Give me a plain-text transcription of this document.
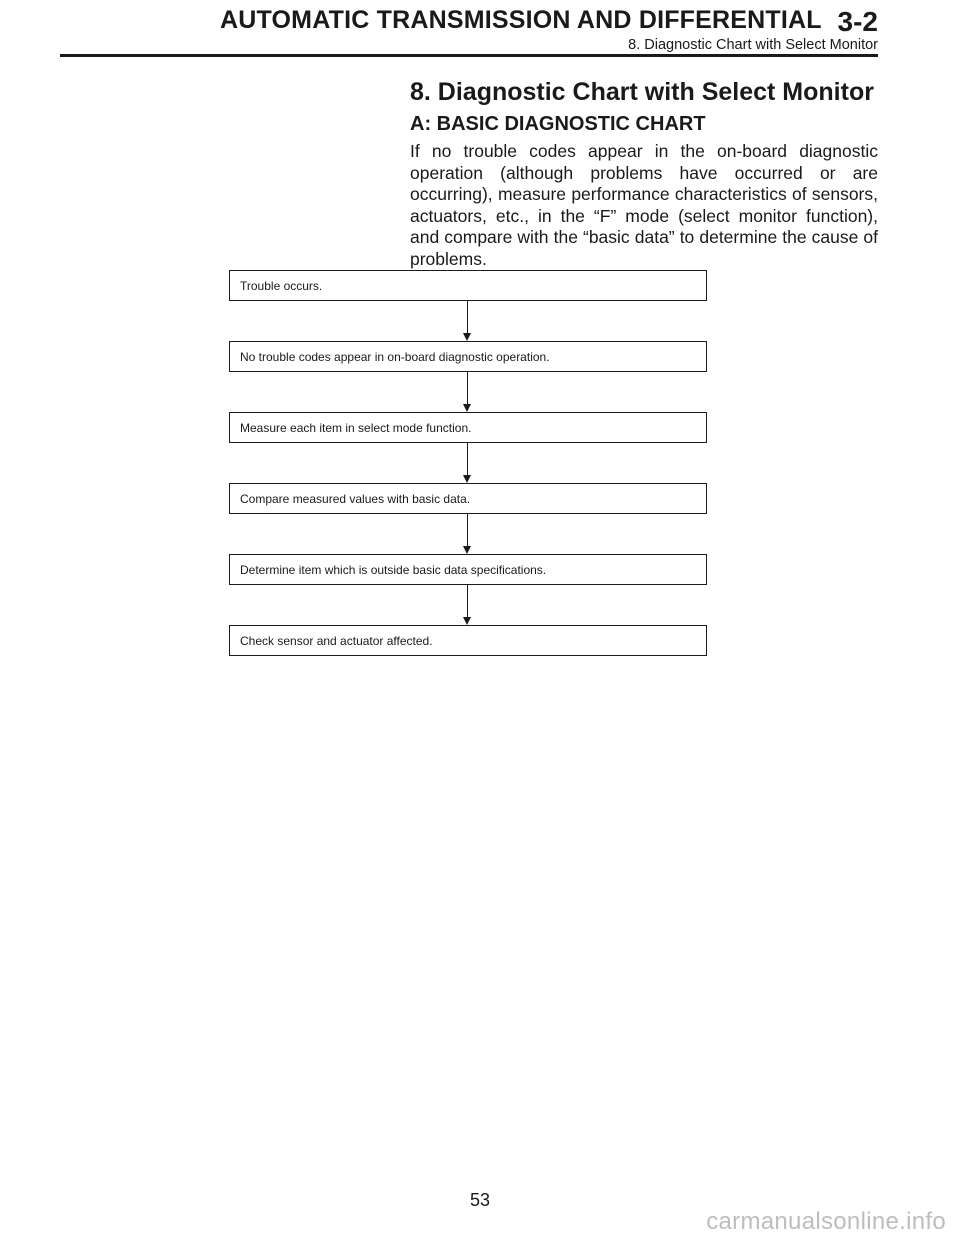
AUTOMATIC TRANSMISSION AND DIFFERENTIAL 3-2
8. Diagnostic Chart with Select Monitor
8. Diagnostic Chart with Select Monitor
A: BASIC DIAGNOSTIC CHART
If no trouble codes appear in the on-board diagnostic operation (although problems have occurred or are occurring), measure performance characteristics of sensors, actuators, etc., in the “F” mode (select monitor function), and compare with the “basic data” to determine the cause of problems.
Trouble occurs.
No trouble codes appear in on-board diagnostic operation.
Measure each item in select mode function.
Compare measured values with basic data.
Determine item which is outside basic data specifications.
Check sensor and actuator affected.
53
carmanualsonline.info
